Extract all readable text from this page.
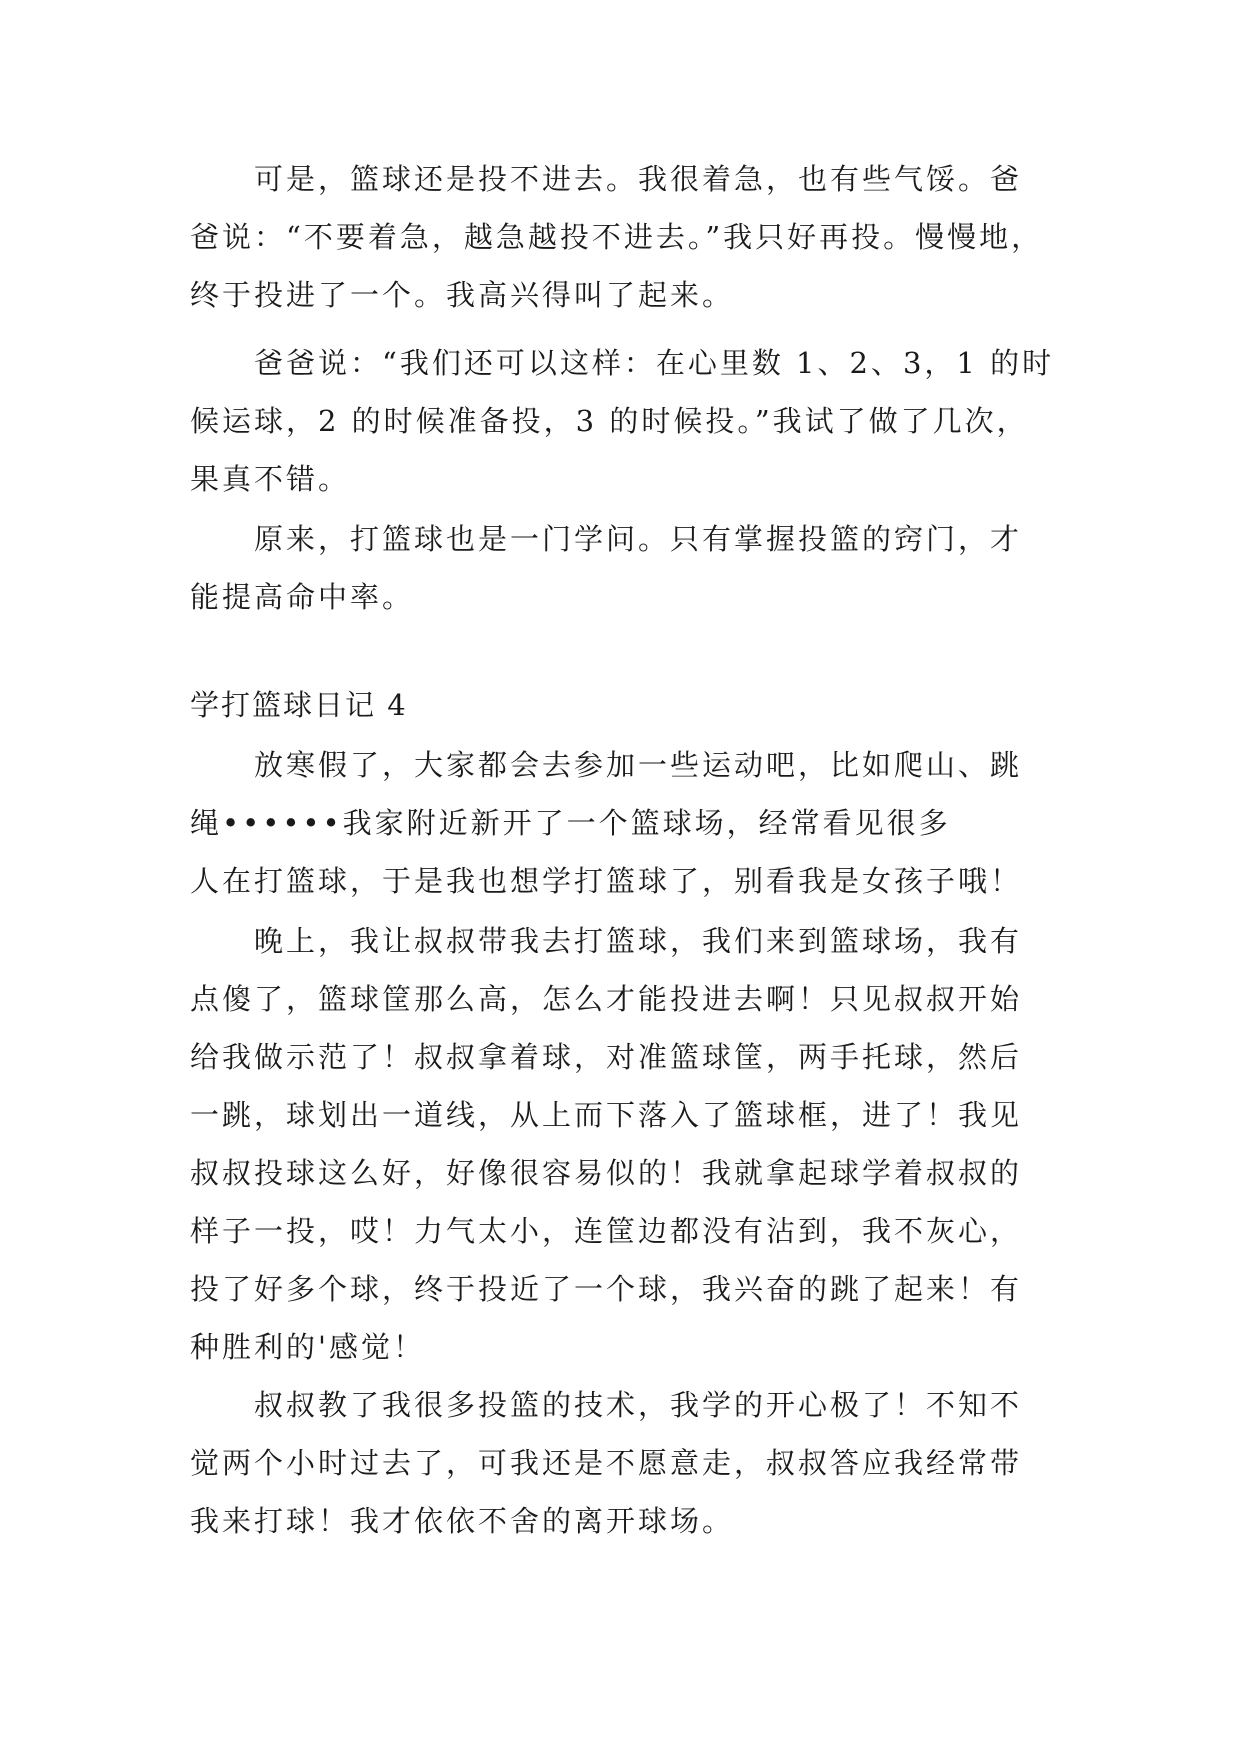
可是，篮球还是投不进去。我很着急，也有些气馁。爸
爸说：“不要着急，越急越投不进去。”我只好再投。慢慢地，
终于投进了一个。我高兴得叫了起来。
爸爸说：“我们还可以这样：在心里数 1、2、3，1 的时
候运球，2 的时候准备投，3 的时候投。”我试了做了几次，
果真不错。
原来，打篮球也是一门学问。只有掌握投篮的窍门，才
能提高命中率。
学打篮球日记 4
放寒假了，大家都会去参加一些运动吧，比如爬山、跳
绳••••••我家附近新开了一个篮球场，经常看见很多
人在打篮球，于是我也想学打篮球了，别看我是女孩子哦！
晚上，我让叔叔带我去打篮球，我们来到篮球场，我有
点傻了，篮球筐那么高，怎么才能投进去啊！只见叔叔开始
给我做示范了！叔叔拿着球，对准篮球筐，两手托球，然后
一跳，球划出一道线，从上而下落入了篮球框，进了！我见
叔叔投球这么好，好像很容易似的！我就拿起球学着叔叔的
样子一投，哎！力气太小，连筐边都没有沾到，我不灰心，
投了好多个球，终于投近了一个球，我兴奋的跳了起来！有
种胜利的'感觉！
叔叔教了我很多投篮的技术，我学的开心极了！不知不
觉两个小时过去了，可我还是不愿意走，叔叔答应我经常带
我来打球！我才依依不舍的离开球场。
